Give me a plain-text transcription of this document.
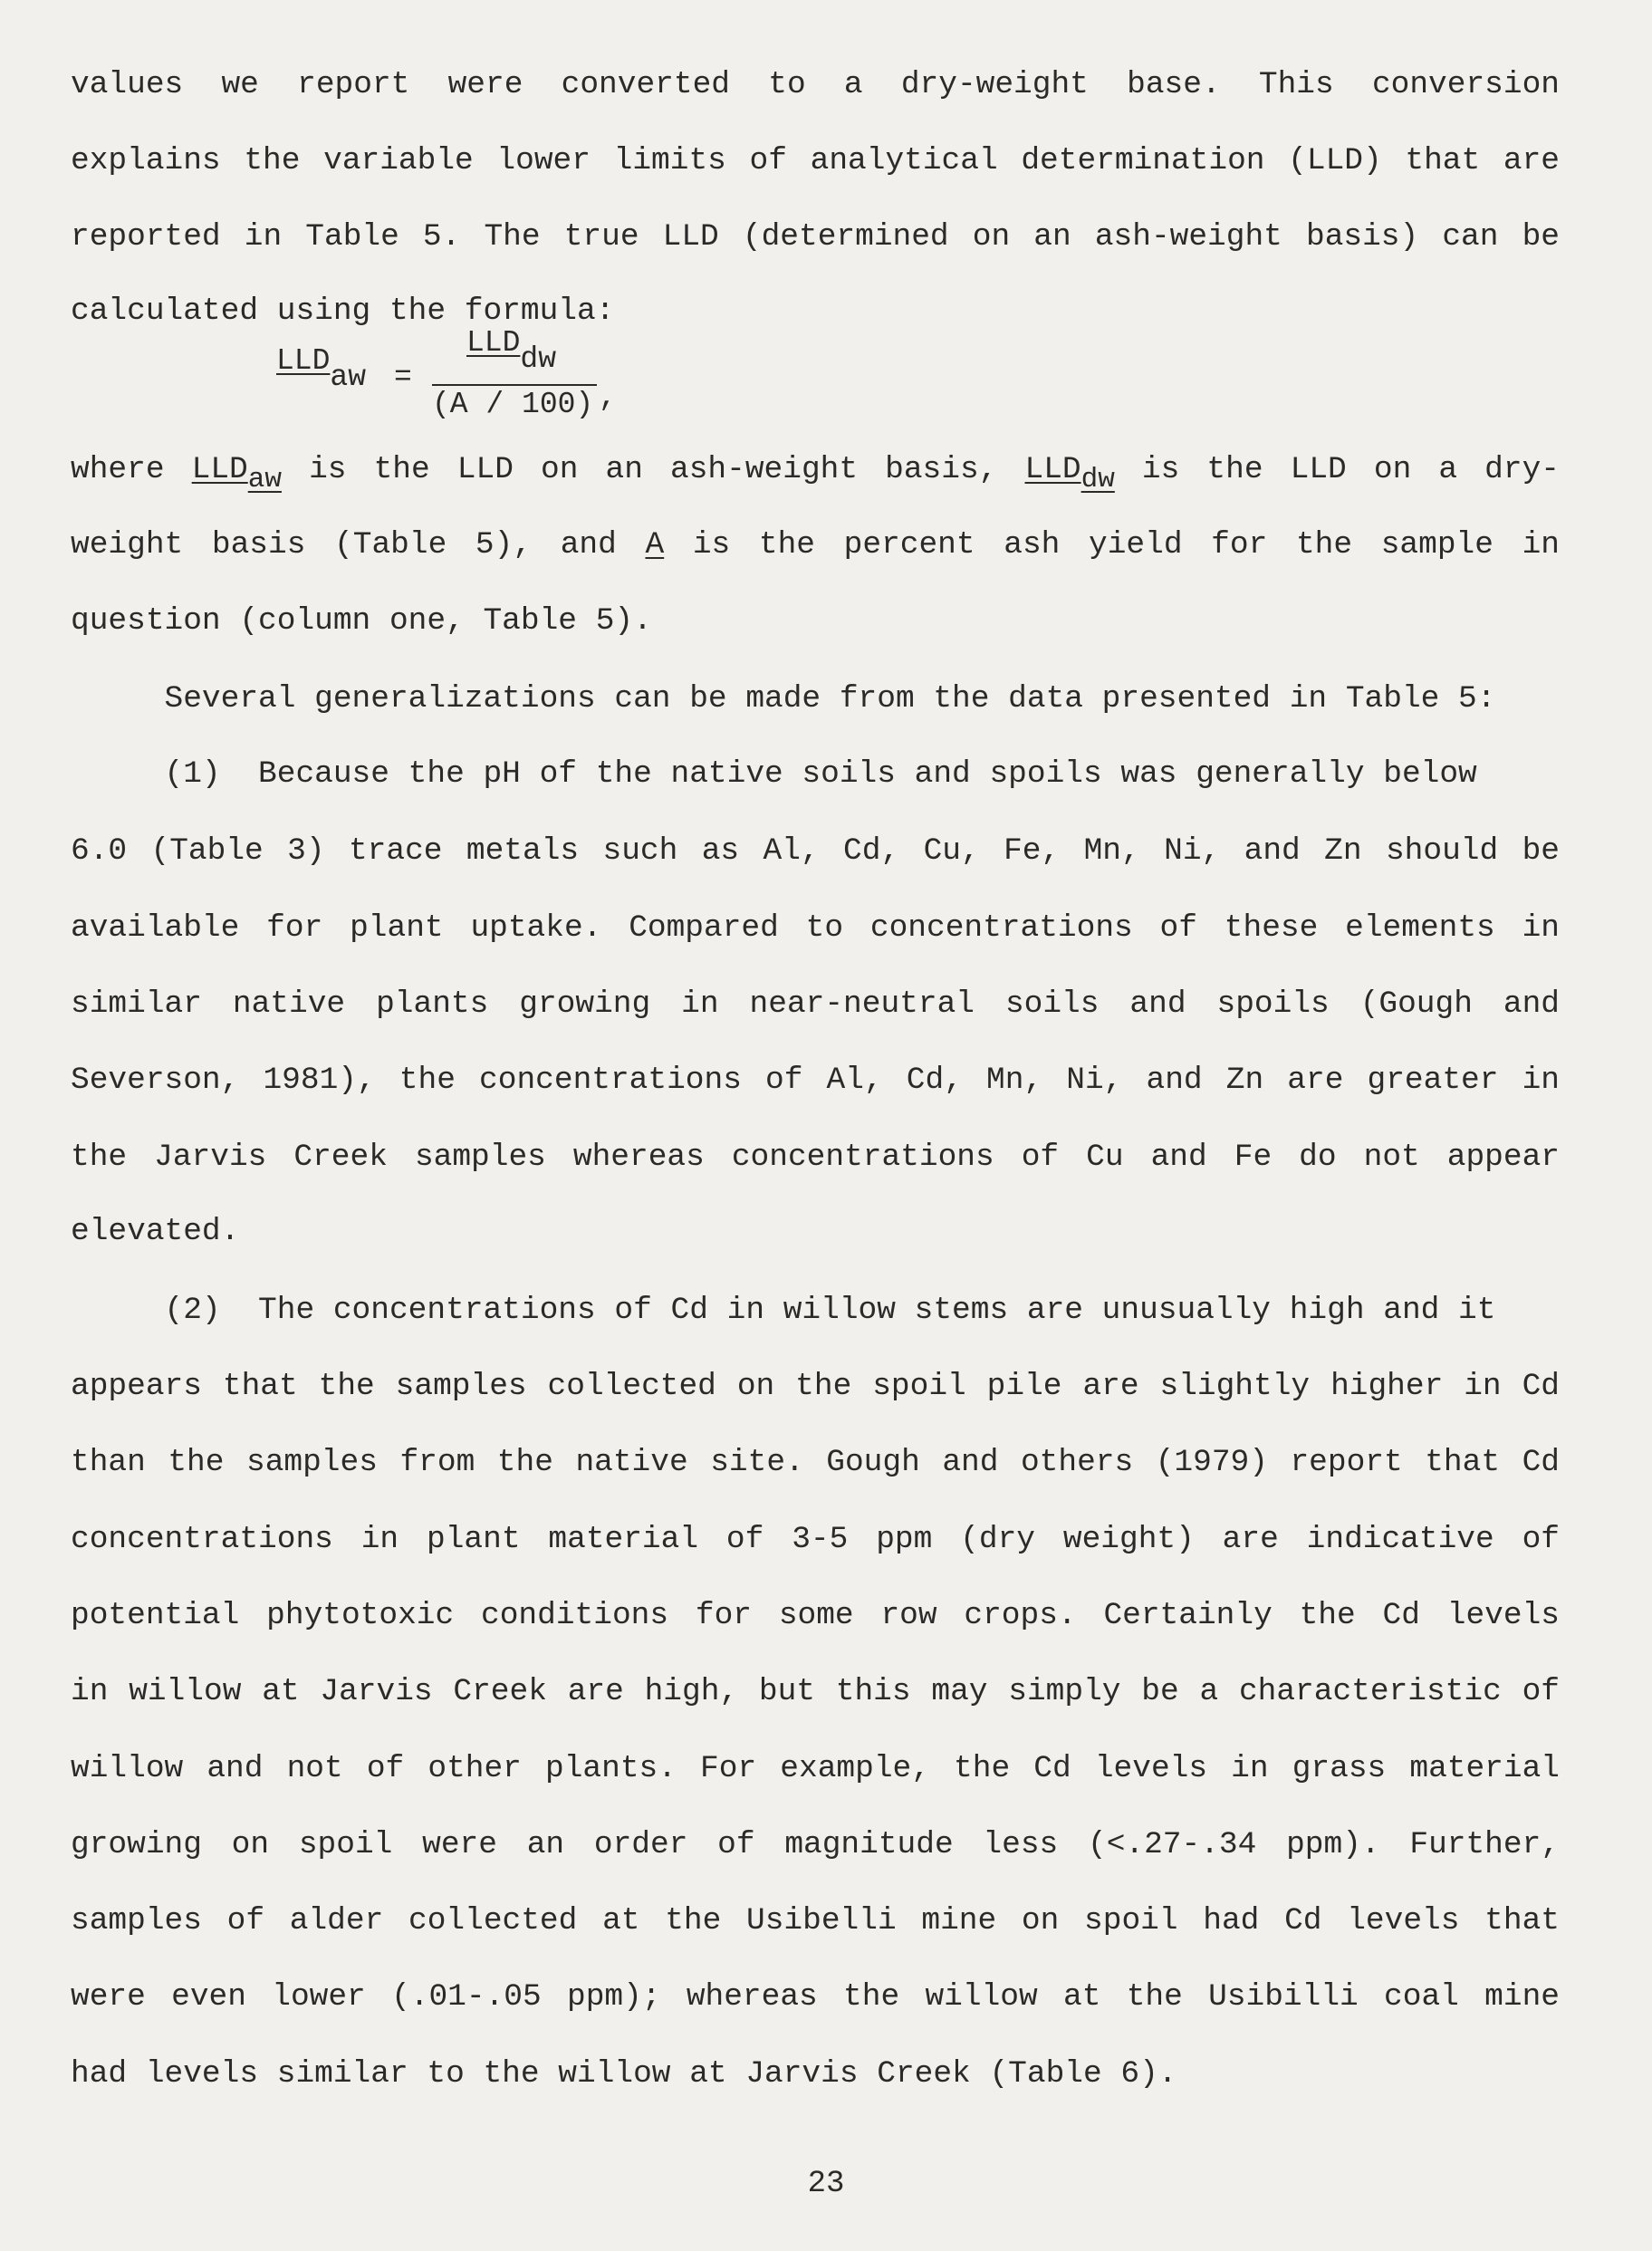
values we report were converted to a dry-weight base. This conversion
explains the variable lower limits of analytical determination (LLD) that are
reported in Table 5. The true LLD (determined on an ash-weight basis) can be
calculated using the formula:
LLDaw =
LLDdw
(A / 100) ,
where LLDaw is the LLD on an ash-weight basis, LLDdw is the LLD on a dry-
weight basis (Table 5), and A is the percent ash yield for the sample in
question (column one, Table 5).
Several generalizations can be made from the data presented in Table 5:
(1)  Because the pH of the native soils and spoils was generally below
6.0 (Table 3) trace metals such as Al, Cd, Cu, Fe, Mn, Ni, and Zn should be
available for plant uptake. Compared to concentrations of these elements in
similar native plants growing in near-neutral soils and spoils (Gough and
Severson, 1981), the concentrations of Al, Cd, Mn, Ni, and Zn are greater in
the Jarvis Creek samples whereas concentrations of Cu and Fe do not appear
elevated.
(2)  The concentrations of Cd in willow stems are unusually high and it
appears that the samples collected on the spoil pile are slightly higher in Cd
than the samples from the native site. Gough and others (1979) report that Cd
concentrations in plant material of 3-5 ppm (dry weight) are indicative of
potential phytotoxic conditions for some row crops. Certainly the Cd levels
in willow at Jarvis Creek are high, but this may simply be a characteristic of
willow and not of other plants. For example, the Cd levels in grass material
growing on spoil were an order of magnitude less (<.27-.34 ppm). Further,
samples of alder collected at the Usibelli mine on spoil had Cd levels that
were even lower (.01-.05 ppm); whereas the willow at the Usibilli coal mine
had levels similar to the willow at Jarvis Creek (Table 6).
23
